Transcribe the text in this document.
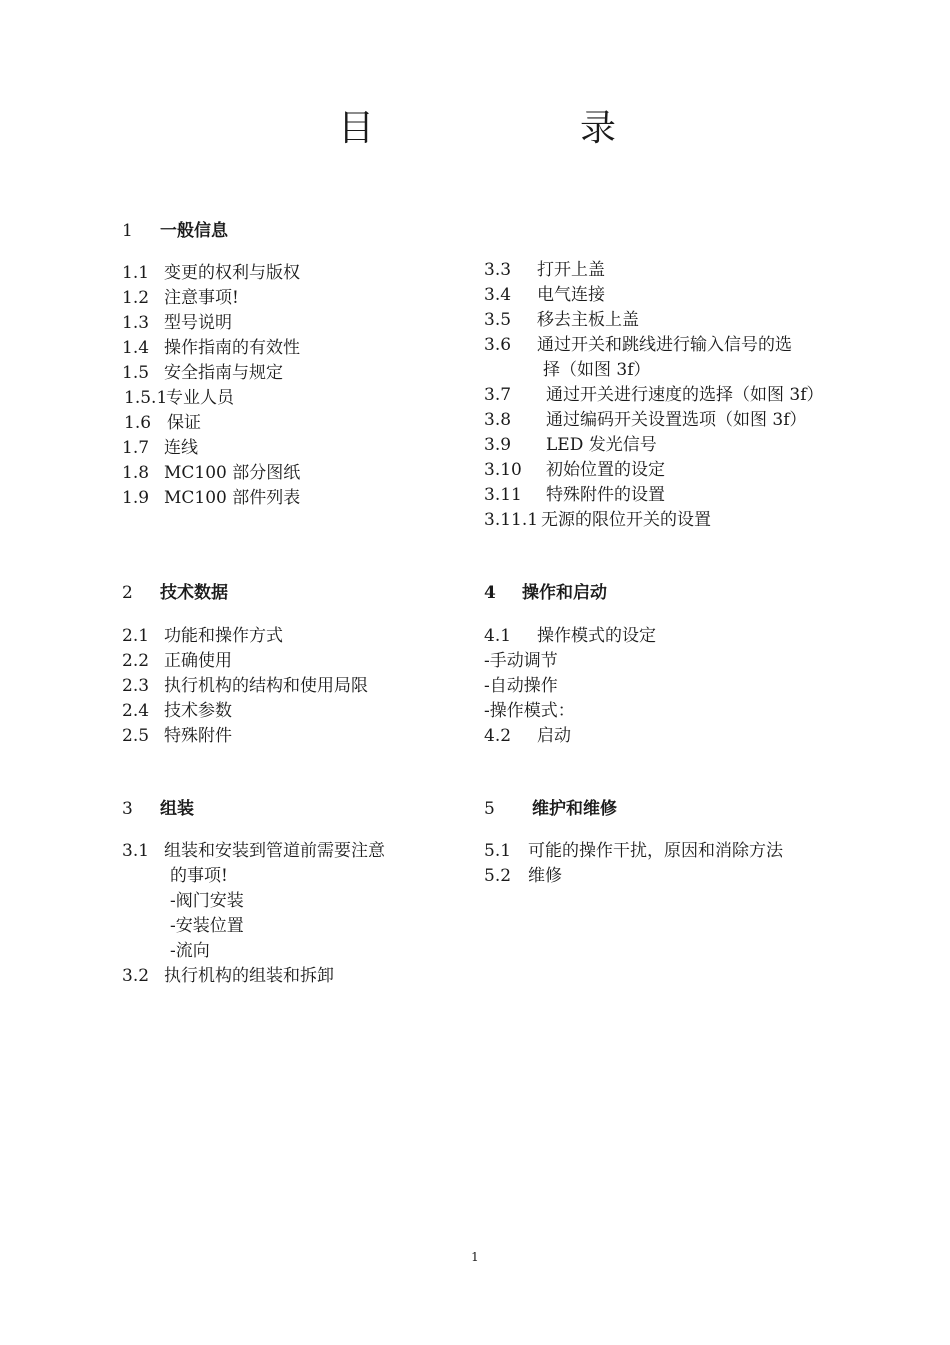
目	录
1 一般信息
1.1 变更的权利与版权
1.2 注意事项!
1.3 型号说明
1.4 操作指南的有效性
1.5 安全指南与规定
1.5.1专业人员
1.6 保证
1.7 连线
1.8 MC100 部分图纸
1.9 MC100 部件列表
3.3 打开上盖
3.4 电气连接
3.5 移去主板上盖
3.6 通过开关和跳线进行输入信号的选
择（如图 3f）
3.7 通过开关进行速度的选择（如图 3f）
3.8 通过编码开关设置选项（如图 3f）
3.9 LED 发光信号
3.10 初始位置的设定
3.11 特殊附件的设置
3.11.1 无源的限位开关的设置
2 技术数据
2.1 功能和操作方式
2.2 正确使用
2.3 执行机构的结构和使用局限
2.4 技术参数
2.5 特殊附件
4 操作和启动
4.1 操作模式的设定
-手动调节
-自动操作
-操作模式：
4.2 启动
3 组装
3.1 组装和安装到管道前需要注意
的事项!
-阀门安装
-安装位置
-流向
3.2 执行机构的组装和拆卸
5 维护和维修
5.1 可能的操作干扰，原因和消除方法
5.2 维修
1
